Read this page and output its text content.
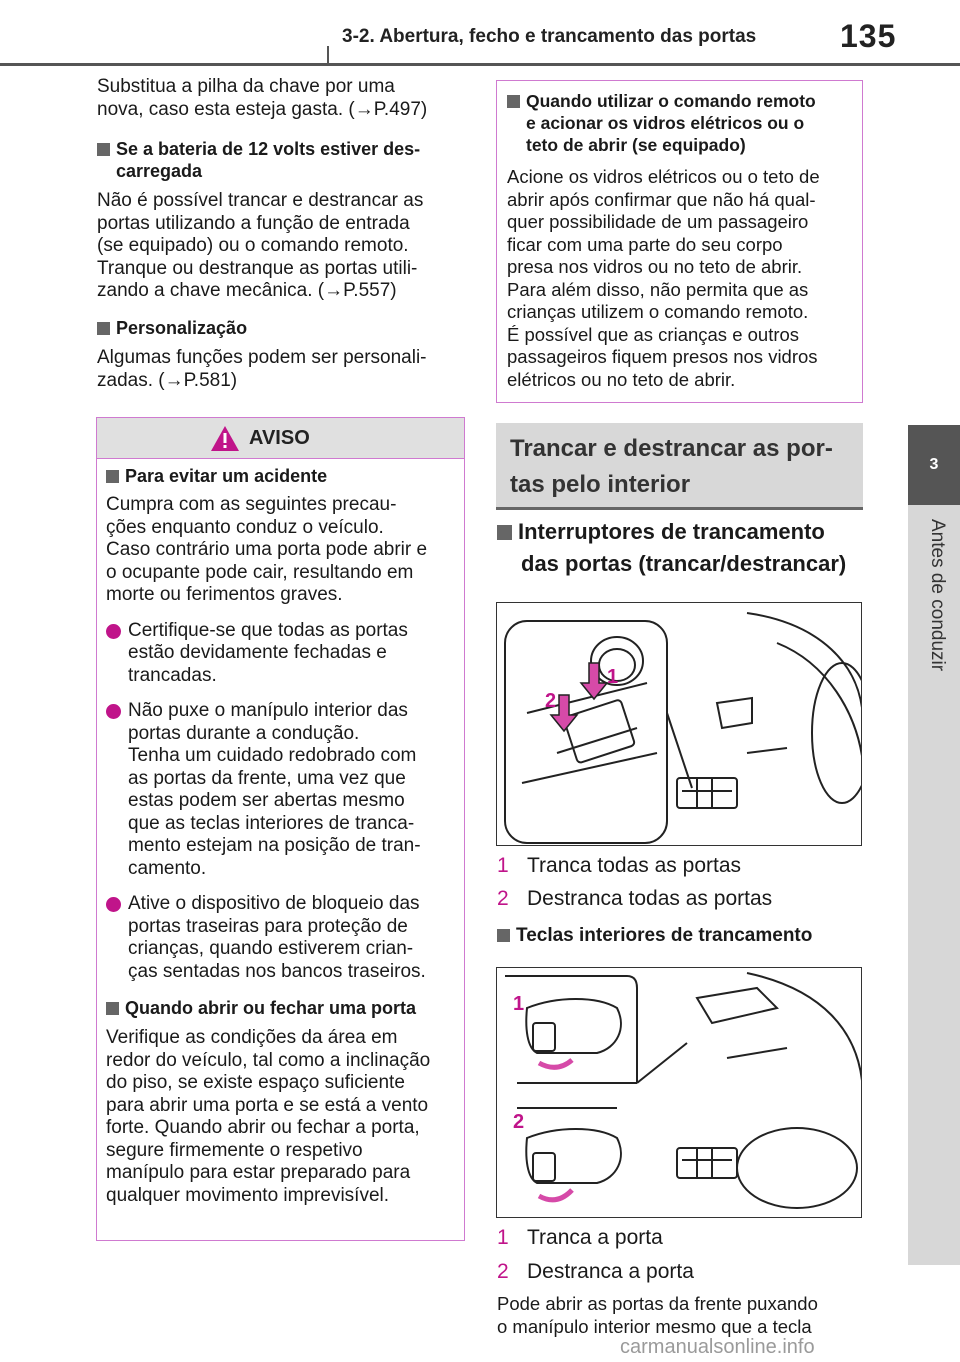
3-2. Abertura, fecho e trancamento das portas	135
3
Antes de conduzir
Substitua a pilha da chave por uma
nova, caso esta esteja gasta. (→P.497)
Se a bateria de 12 volts estiver des-
carregada
Não é possível trancar e destrancar as
portas utilizando a função de entrada
(se equipado) ou o comando remoto.
Tranque ou destranque as portas utili-
zando a chave mecânica. (→P.557)
Personalização
Algumas funções podem ser personali-
zadas. (→P.581)
AVISO
Para evitar um acidente
Cumpra com as seguintes precau-
ções enquanto conduz o veículo.
Caso contrário uma porta pode abrir e
o ocupante pode cair, resultando em
morte ou ferimentos graves.
Certifique-se que todas as portas
estão devidamente fechadas e
trancadas.
Não puxe o manípulo interior das
portas durante a condução.
Tenha um cuidado redobrado com
as portas da frente, uma vez que
estas podem ser abertas mesmo
que as teclas interiores de tranca-
mento estejam na posição de tran-
camento.
Ative o dispositivo de bloqueio das
portas traseiras para proteção de
crianças, quando estiverem crian-
ças sentadas nos bancos traseiros.
Quando abrir ou fechar uma porta
Verifique as condições da área em
redor do veículo, tal como a inclinação
do piso, se existe espaço suficiente
para abrir uma porta e se está a vento
forte. Quando abrir ou fechar a porta,
segure firmemente o respetivo
manípulo para estar preparado para
qualquer movimento imprevisível.
Quando utilizar o comando remoto
e acionar os vidros elétricos ou o
teto de abrir (se equipado)
Acione os vidros elétricos ou o teto de
abrir após confirmar que não há qual-
quer possibilidade de um passageiro
ficar com uma parte do seu corpo
presa nos vidros ou no teto de abrir.
Para além disso, não permita que as
crianças utilizem o comando remoto.
É possível que as crianças e outros
passageiros fiquem presos nos vidros
elétricos ou no teto de abrir.
Trancar e destrancar as por-
tas pelo interior
Interruptores de trancamento
das portas (trancar/destrancar)
1
2
1 Tranca todas as portas
2 Destranca todas as portas
Teclas interiores de trancamento
1
2
1 Tranca a porta
2 Destranca a porta
Pode abrir as portas da frente puxando
o manípulo interior mesmo que a tecla
carmanualsonline.info
